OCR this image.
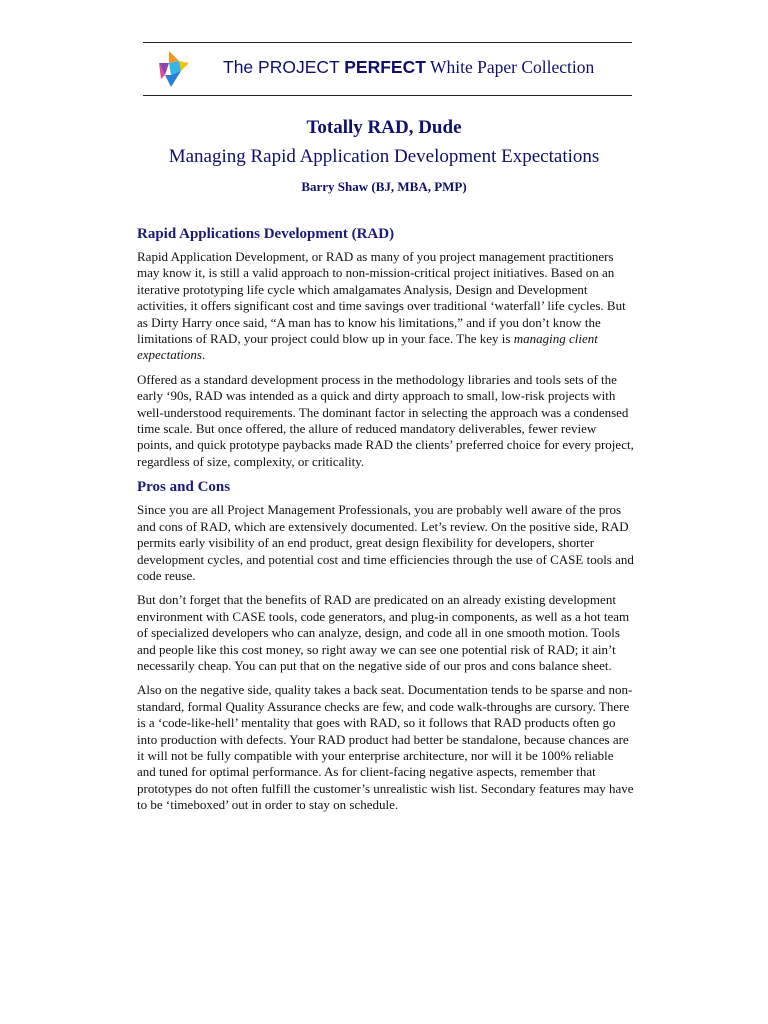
The PROJECT PERFECT White Paper Collection
Totally RAD, Dude
Managing Rapid Application Development Expectations
Barry Shaw (BJ, MBA, PMP)
Rapid Applications Development (RAD)

Rapid Application Development, or RAD as many of you project management practitioners may know it, is still a valid approach to non-mission-critical project initiatives. Based on an iterative prototyping life cycle which amalgamates Analysis, Design and Development activities, it offers significant cost and time savings over traditional ‘waterfall’ life cycles. But as Dirty Harry once said, “A man has to know his limitations,” and if you don’t know the limitations of RAD, your project could blow up in your face. The key is managing client expectations.

Offered as a standard development process in the methodology libraries and tools sets of the early ‘90s, RAD was intended as a quick and dirty approach to small, low-risk projects with well-understood requirements. The dominant factor in selecting the approach was a condensed time scale. But once offered, the allure of reduced mandatory deliverables, fewer review points, and quick prototype paybacks made RAD the clients’ preferred choice for every project, regardless of size, complexity, or criticality.

Pros and Cons

Since you are all Project Management Professionals, you are probably well aware of the pros and cons of RAD, which are extensively documented. Let’s review. On the positive side, RAD permits early visibility of an end product, great design flexibility for developers, shorter development cycles, and potential cost and time efficiencies through the use of CASE tools and code reuse.

But don’t forget that the benefits of RAD are predicated on an already existing development environment with CASE tools, code generators, and plug-in components, as well as a hot team of specialized developers who can analyze, design, and code all in one smooth motion. Tools and people like this cost money, so right away we can see one potential risk of RAD; it ain’t necessarily cheap. You can put that on the negative side of our pros and cons balance sheet.

Also on the negative side, quality takes a back seat. Documentation tends to be sparse and non-standard, formal Quality Assurance checks are few, and code walk-throughs are cursory. There is a ‘code-like-hell’ mentality that goes with RAD, so it follows that RAD products often go into production with defects. Your RAD product had better be standalone, because chances are it will not be fully compatible with your enterprise architecture, nor will it be 100% reliable and tuned for optimal performance. As for client-facing negative aspects, remember that prototypes do not often fulfill the customer’s unrealistic wish list. Secondary features may have to be ‘timeboxed’ out in order to stay on schedule.
